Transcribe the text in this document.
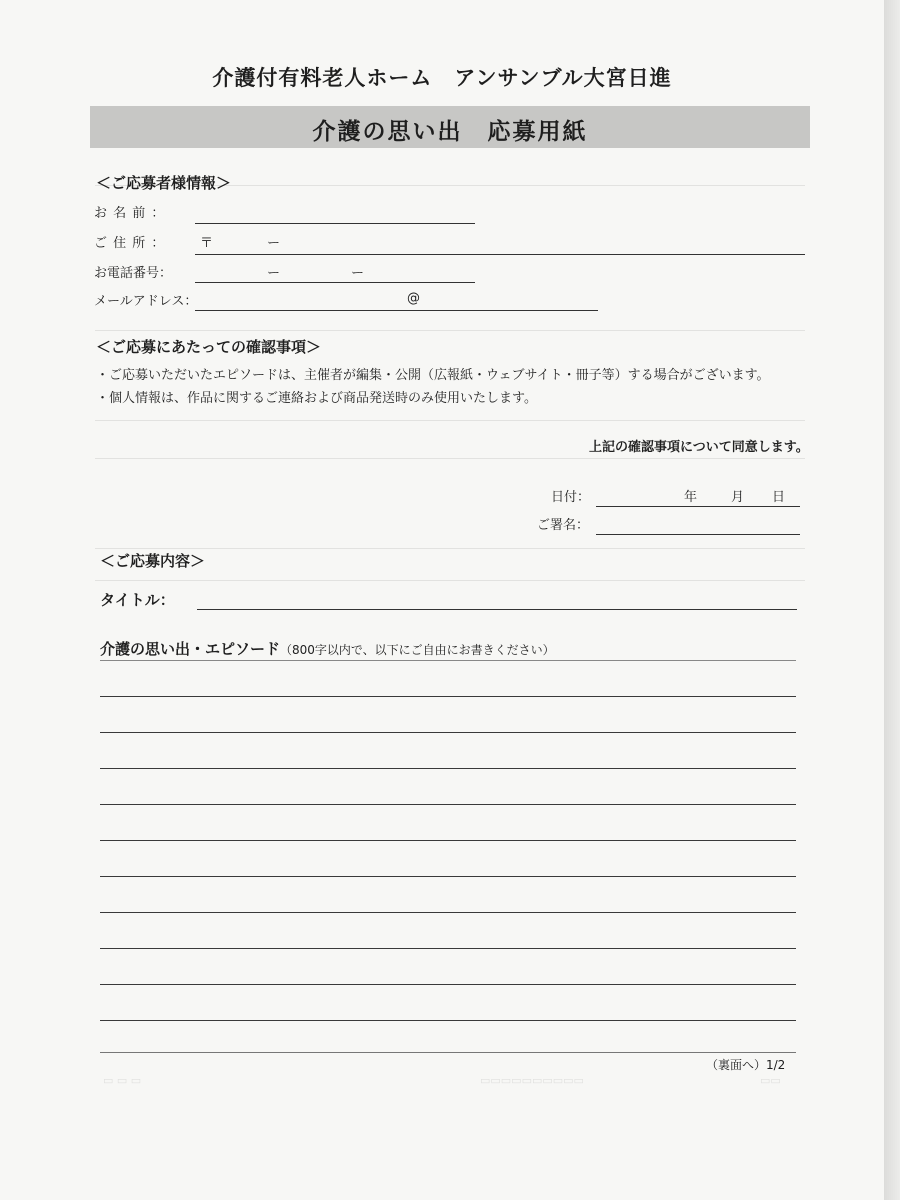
介護付有料老人ホーム　アンサンブル大宮日進
介護の思い出　応募用紙
＜ご応募者様情報＞
お 名 前 ：
ご 住 所 ：	〒	ー
お電話番号：	ー	ー
メールアドレス：	@
＜ご応募にあたっての確認事項＞
・ご応募いただいたエピソードは、主催者が編集・公開（広報紙・ウェブサイト・冊子等）する場合がございます。
・個人情報は、作品に関するご連絡および商品発送時のみ使用いたします。
上記の確認事項について同意します。
日付：	年	月 日
ご署名：
＜ご応募内容＞
タイトル：
介護の思い出・エピソード（800字以内で、以下にご自由にお書きください）
（裏面へ）1/2
▭ ▭ ▭	▭▭▭▭▭▭▭▭▭▭	▭▭
